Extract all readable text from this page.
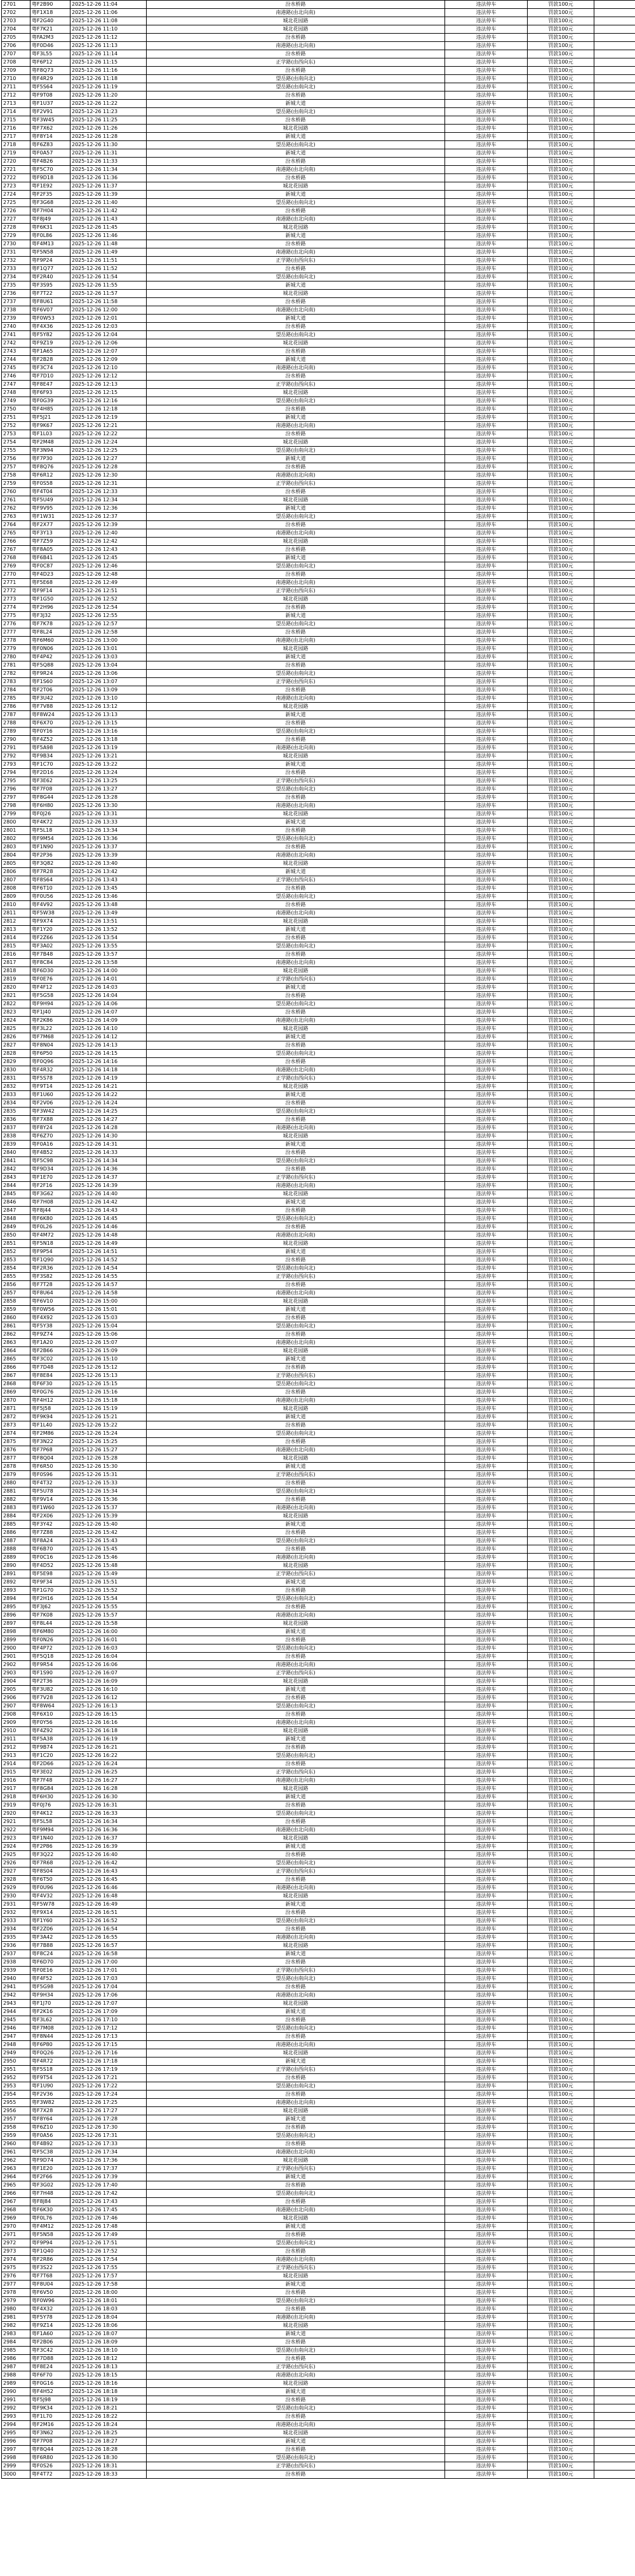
2701	粤F2B90	2025-12-26 11:04	汾水桥路	违法停车	罚款100元	
2702	粤F1X18	2025-12-26 11:06	南港路(由北向南)	违法停车	罚款100元	
2703	粤F2G40	2025-12-26 11:08	城北花园路	违法停车	罚款100元	
2704	粤F7K21	2025-12-26 11:10	城北花园路	违法停车	罚款100元	
2705	粤FA2M3	2025-12-26 11:12	汾水桥路	违法停车	罚款100元	
2706	粤F0D46	2025-12-26 11:13	南港路(由北向南)	违法停车	罚款100元	
2707	粤F3L55	2025-12-26 11:14	汾水桥路	违法停车	罚款100元	
2708	粤F6P12	2025-12-26 11:15	正学路(由西向东)	违法停车	罚款100元	
2709	粤F8Q73	2025-12-26 11:16	汾水桥路	违法停车	罚款100元	
2710	粤F4R29	2025-12-26 11:18	望岳路(由南向北)	违法停车	罚款100元	
2711	粤F5S64	2025-12-26 11:19	望岳路(由南向北)	违法停车	罚款100元	
2712	粤F9T08	2025-12-26 11:20	汾水桥路	违法停车	罚款100元	
2713	粤F1U37	2025-12-26 11:22	新城大道	违法停车	罚款100元	
2714	粤F2V91	2025-12-26 11:23	望岳路(由南向北)	违法停车	罚款100元	
2715	粤F3W45	2025-12-26 11:25	汾水桥路	违法停车	罚款100元	
2716	粤F7X62	2025-12-26 11:26	城北花园路	违法停车	罚款100元	
2717	粤F8Y14	2025-12-26 11:28	新城大道	违法停车	罚款100元	
2718	粤F6Z83	2025-12-26 11:30	望岳路(由南向北)	违法停车	罚款100元	
2719	粤F0A57	2025-12-26 11:31	新城大道	违法停车	罚款100元	
2720	粤F4B26	2025-12-26 11:33	汾水桥路	违法停车	罚款100元	
2721	粤F5C70	2025-12-26 11:34	南港路(由北向南)	违法停车	罚款100元	
2722	粤F9D18	2025-12-26 11:36	汾水桥路	违法停车	罚款100元	
2723	粤F1E92	2025-12-26 11:37	城北花园路	违法停车	罚款100元	
2724	粤F2F35	2025-12-26 11:39	新城大道	违法停车	罚款100元	
2725	粤F3G68	2025-12-26 11:40	望岳路(由南向北)	违法停车	罚款100元	
2726	粤F7H04	2025-12-26 11:42	汾水桥路	违法停车	罚款100元	
2727	粤F8J49	2025-12-26 11:43	南港路(由北向南)	违法停车	罚款100元	
2728	粤F6K31	2025-12-26 11:45	城北花园路	违法停车	罚款100元	
2729	粤F0L86	2025-12-26 11:46	新城大道	违法停车	罚款100元	
2730	粤F4M13	2025-12-26 11:48	汾水桥路	违法停车	罚款100元	
2731	粤F5N58	2025-12-26 11:49	南港路(由北向南)	违法停车	罚款100元	
2732	粤F9P24	2025-12-26 11:51	正学路(由西向东)	违法停车	罚款100元	
2733	粤F1Q77	2025-12-26 11:52	汾水桥路	违法停车	罚款100元	
2734	粤F2R40	2025-12-26 11:54	望岳路(由南向北)	违法停车	罚款100元	
2735	粤F3S95	2025-12-26 11:55	新城大道	违法停车	罚款100元	
2736	粤F7T22	2025-12-26 11:57	城北花园路	违法停车	罚款100元	
2737	粤F8U61	2025-12-26 11:58	汾水桥路	违法停车	罚款100元	
2738	粤F6V07	2025-12-26 12:00	南港路(由北向南)	违法停车	罚款100元	
2739	粤F0W53	2025-12-26 12:01	新城大道	违法停车	罚款100元	
2740	粤F4X36	2025-12-26 12:03	汾水桥路	违法停车	罚款100元	
2741	粤F5Y82	2025-12-26 12:04	望岳路(由南向北)	违法停车	罚款100元	
2742	粤F9Z19	2025-12-26 12:06	城北花园路	违法停车	罚款100元	
2743	粤F1A65	2025-12-26 12:07	汾水桥路	违法停车	罚款100元	
2744	粤F2B28	2025-12-26 12:09	新城大道	违法停车	罚款100元	
2745	粤F3C74	2025-12-26 12:10	南港路(由北向南)	违法停车	罚款100元	
2746	粤F7D10	2025-12-26 12:12	汾水桥路	违法停车	罚款100元	
2747	粤F8E47	2025-12-26 12:13	正学路(由西向东)	违法停车	罚款100元	
2748	粤F6F93	2025-12-26 12:15	城北花园路	违法停车	罚款100元	
2749	粤F0G39	2025-12-26 12:16	望岳路(由南向北)	违法停车	罚款100元	
2750	粤F4H85	2025-12-26 12:18	汾水桥路	违法停车	罚款100元	
2751	粤F5J21	2025-12-26 12:19	新城大道	违法停车	罚款100元	
2752	粤F9K67	2025-12-26 12:21	南港路(由北向南)	违法停车	罚款100元	
2753	粤F1L03	2025-12-26 12:22	汾水桥路	违法停车	罚款100元	
2754	粤F2M48	2025-12-26 12:24	城北花园路	违法停车	罚款100元	
2755	粤F3N94	2025-12-26 12:25	望岳路(由南向北)	违法停车	罚款100元	
2756	粤F7P30	2025-12-26 12:27	新城大道	违法停车	罚款100元	
2757	粤F8Q76	2025-12-26 12:28	汾水桥路	违法停车	罚款100元	
2758	粤F6R12	2025-12-26 12:30	南港路(由北向南)	违法停车	罚款100元	
2759	粤F0S58	2025-12-26 12:31	正学路(由西向东)	违法停车	罚款100元	
2760	粤F4T04	2025-12-26 12:33	汾水桥路	违法停车	罚款100元	
2761	粤F5U49	2025-12-26 12:34	城北花园路	违法停车	罚款100元	
2762	粤F9V95	2025-12-26 12:36	新城大道	违法停车	罚款100元	
2763	粤F1W31	2025-12-26 12:37	望岳路(由南向北)	违法停车	罚款100元	
2764	粤F2X77	2025-12-26 12:39	汾水桥路	违法停车	罚款100元	
2765	粤F3Y13	2025-12-26 12:40	南港路(由北向南)	违法停车	罚款100元	
2766	粤F7Z59	2025-12-26 12:42	城北花园路	违法停车	罚款100元	
2767	粤F8A05	2025-12-26 12:43	汾水桥路	违法停车	罚款100元	
2768	粤F6B41	2025-12-26 12:45	新城大道	违法停车	罚款100元	
2769	粤F0C87	2025-12-26 12:46	望岳路(由南向北)	违法停车	罚款100元	
2770	粤F4D23	2025-12-26 12:48	汾水桥路	违法停车	罚款100元	
2771	粤F5E68	2025-12-26 12:49	南港路(由北向南)	违法停车	罚款100元	
2772	粤F9F14	2025-12-26 12:51	正学路(由西向东)	违法停车	罚款100元	
2773	粤F1G50	2025-12-26 12:52	城北花园路	违法停车	罚款100元	
2774	粤F2H96	2025-12-26 12:54	汾水桥路	违法停车	罚款100元	
2775	粤F3J32	2025-12-26 12:55	新城大道	违法停车	罚款100元	
2776	粤F7K78	2025-12-26 12:57	望岳路(由南向北)	违法停车	罚款100元	
2777	粤F8L24	2025-12-26 12:58	汾水桥路	违法停车	罚款100元	
2778	粤F6M60	2025-12-26 13:00	南港路(由北向南)	违法停车	罚款100元	
2779	粤F0N06	2025-12-26 13:01	城北花园路	违法停车	罚款100元	
2780	粤F4P42	2025-12-26 13:03	新城大道	违法停车	罚款100元	
2781	粤F5Q88	2025-12-26 13:04	汾水桥路	违法停车	罚款100元	
2782	粤F9R24	2025-12-26 13:06	望岳路(由南向北)	违法停车	罚款100元	
2783	粤F1S60	2025-12-26 13:07	正学路(由西向东)	违法停车	罚款100元	
2784	粤F2T06	2025-12-26 13:09	汾水桥路	违法停车	罚款100元	
2785	粤F3U42	2025-12-26 13:10	南港路(由北向南)	违法停车	罚款100元	
2786	粤F7V88	2025-12-26 13:12	城北花园路	违法停车	罚款100元	
2787	粤F8W24	2025-12-26 13:13	新城大道	违法停车	罚款100元	
2788	粤F6X70	2025-12-26 13:15	汾水桥路	违法停车	罚款100元	
2789	粤F0Y16	2025-12-26 13:16	望岳路(由南向北)	违法停车	罚款100元	
2790	粤F4Z52	2025-12-26 13:18	汾水桥路	违法停车	罚款100元	
2791	粤F5A98	2025-12-26 13:19	南港路(由北向南)	违法停车	罚款100元	
2792	粤F9B34	2025-12-26 13:21	城北花园路	违法停车	罚款100元	
2793	粤F1C70	2025-12-26 13:22	新城大道	违法停车	罚款100元	
2794	粤F2D16	2025-12-26 13:24	汾水桥路	违法停车	罚款100元	
2795	粤F3E62	2025-12-26 13:25	正学路(由西向东)	违法停车	罚款100元	
2796	粤F7F08	2025-12-26 13:27	望岳路(由南向北)	违法停车	罚款100元	
2797	粤F8G44	2025-12-26 13:28	汾水桥路	违法停车	罚款100元	
2798	粤F6H80	2025-12-26 13:30	南港路(由北向南)	违法停车	罚款100元	
2799	粤F0J26	2025-12-26 13:31	城北花园路	违法停车	罚款100元	
2800	粤F4K72	2025-12-26 13:33	新城大道	违法停车	罚款100元	
2801	粤F5L18	2025-12-26 13:34	汾水桥路	违法停车	罚款100元	
2802	粤F9M54	2025-12-26 13:36	望岳路(由南向北)	违法停车	罚款100元	
2803	粤F1N90	2025-12-26 13:37	汾水桥路	违法停车	罚款100元	
2804	粤F2P36	2025-12-26 13:39	南港路(由北向南)	违法停车	罚款100元	
2805	粤F3Q82	2025-12-26 13:40	城北花园路	违法停车	罚款100元	
2806	粤F7R28	2025-12-26 13:42	新城大道	违法停车	罚款100元	
2807	粤F8S64	2025-12-26 13:43	正学路(由西向东)	违法停车	罚款100元	
2808	粤F6T10	2025-12-26 13:45	汾水桥路	违法停车	罚款100元	
2809	粤F0U56	2025-12-26 13:46	望岳路(由南向北)	违法停车	罚款100元	
2810	粤F4V92	2025-12-26 13:48	汾水桥路	违法停车	罚款100元	
2811	粤F5W38	2025-12-26 13:49	南港路(由北向南)	违法停车	罚款100元	
2812	粤F9X74	2025-12-26 13:51	城北花园路	违法停车	罚款100元	
2813	粤F1Y20	2025-12-26 13:52	新城大道	违法停车	罚款100元	
2814	粤F2Z66	2025-12-26 13:54	汾水桥路	违法停车	罚款100元	
2815	粤F3A02	2025-12-26 13:55	望岳路(由南向北)	违法停车	罚款100元	
2816	粤F7B48	2025-12-26 13:57	汾水桥路	违法停车	罚款100元	
2817	粤F8C84	2025-12-26 13:58	南港路(由北向南)	违法停车	罚款100元	
2818	粤F6D30	2025-12-26 14:00	城北花园路	违法停车	罚款100元	
2819	粤F0E76	2025-12-26 14:01	正学路(由西向东)	违法停车	罚款100元	
2820	粤F4F12	2025-12-26 14:03	新城大道	违法停车	罚款100元	
2821	粤F5G58	2025-12-26 14:04	汾水桥路	违法停车	罚款100元	
2822	粤F9H94	2025-12-26 14:06	望岳路(由南向北)	违法停车	罚款100元	
2823	粤F1J40	2025-12-26 14:07	汾水桥路	违法停车	罚款100元	
2824	粤F2K86	2025-12-26 14:09	南港路(由北向南)	违法停车	罚款100元	
2825	粤F3L22	2025-12-26 14:10	城北花园路	违法停车	罚款100元	
2826	粤F7M68	2025-12-26 14:12	新城大道	违法停车	罚款100元	
2827	粤F8N04	2025-12-26 14:13	汾水桥路	违法停车	罚款100元	
2828	粤F6P50	2025-12-26 14:15	望岳路(由南向北)	违法停车	罚款100元	
2829	粤F0Q96	2025-12-26 14:16	汾水桥路	违法停车	罚款100元	
2830	粤F4R32	2025-12-26 14:18	南港路(由北向南)	违法停车	罚款100元	
2831	粤F5S78	2025-12-26 14:19	正学路(由西向东)	违法停车	罚款100元	
2832	粤F9T14	2025-12-26 14:21	城北花园路	违法停车	罚款100元	
2833	粤F1U60	2025-12-26 14:22	新城大道	违法停车	罚款100元	
2834	粤F2V06	2025-12-26 14:24	汾水桥路	违法停车	罚款100元	
2835	粤F3W42	2025-12-26 14:25	望岳路(由南向北)	违法停车	罚款100元	
2836	粤F7X88	2025-12-26 14:27	汾水桥路	违法停车	罚款100元	
2837	粤F8Y24	2025-12-26 14:28	南港路(由北向南)	违法停车	罚款100元	
2838	粤F6Z70	2025-12-26 14:30	城北花园路	违法停车	罚款100元	
2839	粤F0A16	2025-12-26 14:31	新城大道	违法停车	罚款100元	
2840	粤F4B52	2025-12-26 14:33	汾水桥路	违法停车	罚款100元	
2841	粤F5C98	2025-12-26 14:34	望岳路(由南向北)	违法停车	罚款100元	
2842	粤F9D34	2025-12-26 14:36	汾水桥路	违法停车	罚款100元	
2843	粤F1E70	2025-12-26 14:37	正学路(由西向东)	违法停车	罚款100元	
2844	粤F2F16	2025-12-26 14:39	南港路(由北向南)	违法停车	罚款100元	
2845	粤F3G62	2025-12-26 14:40	城北花园路	违法停车	罚款100元	
2846	粤F7H08	2025-12-26 14:42	新城大道	违法停车	罚款100元	
2847	粤F8J44	2025-12-26 14:43	汾水桥路	违法停车	罚款100元	
2848	粤F6K80	2025-12-26 14:45	望岳路(由南向北)	违法停车	罚款100元	
2849	粤F0L26	2025-12-26 14:46	汾水桥路	违法停车	罚款100元	
2850	粤F4M72	2025-12-26 14:48	南港路(由北向南)	违法停车	罚款100元	
2851	粤F5N18	2025-12-26 14:49	城北花园路	违法停车	罚款100元	
2852	粤F9P54	2025-12-26 14:51	新城大道	违法停车	罚款100元	
2853	粤F1Q90	2025-12-26 14:52	汾水桥路	违法停车	罚款100元	
2854	粤F2R36	2025-12-26 14:54	望岳路(由南向北)	违法停车	罚款100元	
2855	粤F3S82	2025-12-26 14:55	正学路(由西向东)	违法停车	罚款100元	
2856	粤F7T28	2025-12-26 14:57	汾水桥路	违法停车	罚款100元	
2857	粤F8U64	2025-12-26 14:58	南港路(由北向南)	违法停车	罚款100元	
2858	粤F6V10	2025-12-26 15:00	城北花园路	违法停车	罚款100元	
2859	粤F0W56	2025-12-26 15:01	新城大道	违法停车	罚款100元	
2860	粤F4X92	2025-12-26 15:03	汾水桥路	违法停车	罚款100元	
2861	粤F5Y38	2025-12-26 15:04	望岳路(由南向北)	违法停车	罚款100元	
2862	粤F9Z74	2025-12-26 15:06	汾水桥路	违法停车	罚款100元	
2863	粤F1A20	2025-12-26 15:07	南港路(由北向南)	违法停车	罚款100元	
2864	粤F2B66	2025-12-26 15:09	城北花园路	违法停车	罚款100元	
2865	粤F3C02	2025-12-26 15:10	新城大道	违法停车	罚款100元	
2866	粤F7D48	2025-12-26 15:12	汾水桥路	违法停车	罚款100元	
2867	粤F8E84	2025-12-26 15:13	正学路(由西向东)	违法停车	罚款100元	
2868	粤F6F30	2025-12-26 15:15	望岳路(由南向北)	违法停车	罚款100元	
2869	粤F0G76	2025-12-26 15:16	汾水桥路	违法停车	罚款100元	
2870	粤F4H12	2025-12-26 15:18	南港路(由北向南)	违法停车	罚款100元	
2871	粤F5J58	2025-12-26 15:19	城北花园路	违法停车	罚款100元	
2872	粤F9K94	2025-12-26 15:21	新城大道	违法停车	罚款100元	
2873	粤F1L40	2025-12-26 15:22	汾水桥路	违法停车	罚款100元	
2874	粤F2M86	2025-12-26 15:24	望岳路(由南向北)	违法停车	罚款100元	
2875	粤F3N22	2025-12-26 15:25	汾水桥路	违法停车	罚款100元	
2876	粤F7P68	2025-12-26 15:27	南港路(由北向南)	违法停车	罚款100元	
2877	粤F8Q04	2025-12-26 15:28	城北花园路	违法停车	罚款100元	
2878	粤F6R50	2025-12-26 15:30	新城大道	违法停车	罚款100元	
2879	粤F0S96	2025-12-26 15:31	正学路(由西向东)	违法停车	罚款100元	
2880	粤F4T32	2025-12-26 15:33	汾水桥路	违法停车	罚款100元	
2881	粤F5U78	2025-12-26 15:34	望岳路(由南向北)	违法停车	罚款100元	
2882	粤F9V14	2025-12-26 15:36	汾水桥路	违法停车	罚款100元	
2883	粤F1W60	2025-12-26 15:37	南港路(由北向南)	违法停车	罚款100元	
2884	粤F2X06	2025-12-26 15:39	城北花园路	违法停车	罚款100元	
2885	粤F3Y42	2025-12-26 15:40	新城大道	违法停车	罚款100元	
2886	粤F7Z88	2025-12-26 15:42	汾水桥路	违法停车	罚款100元	
2887	粤F8A24	2025-12-26 15:43	望岳路(由南向北)	违法停车	罚款100元	
2888	粤F6B70	2025-12-26 15:45	汾水桥路	违法停车	罚款100元	
2889	粤F0C16	2025-12-26 15:46	南港路(由北向南)	违法停车	罚款100元	
2890	粤F4D52	2025-12-26 15:48	城北花园路	违法停车	罚款100元	
2891	粤F5E98	2025-12-26 15:49	正学路(由西向东)	违法停车	罚款100元	
2892	粤F9F34	2025-12-26 15:51	新城大道	违法停车	罚款100元	
2893	粤F1G70	2025-12-26 15:52	汾水桥路	违法停车	罚款100元	
2894	粤F2H16	2025-12-26 15:54	望岳路(由南向北)	违法停车	罚款100元	
2895	粤F3J62	2025-12-26 15:55	汾水桥路	违法停车	罚款100元	
2896	粤F7K08	2025-12-26 15:57	南港路(由北向南)	违法停车	罚款100元	
2897	粤F8L44	2025-12-26 15:58	城北花园路	违法停车	罚款100元	
2898	粤F6M80	2025-12-26 16:00	新城大道	违法停车	罚款100元	
2899	粤F0N26	2025-12-26 16:01	汾水桥路	违法停车	罚款100元	
2900	粤F4P72	2025-12-26 16:03	望岳路(由南向北)	违法停车	罚款100元	
2901	粤F5Q18	2025-12-26 16:04	汾水桥路	违法停车	罚款100元	
2902	粤F9R54	2025-12-26 16:06	南港路(由北向南)	违法停车	罚款100元	
2903	粤F1S90	2025-12-26 16:07	正学路(由西向东)	违法停车	罚款100元	
2904	粤F2T36	2025-12-26 16:09	城北花园路	违法停车	罚款100元	
2905	粤F3U82	2025-12-26 16:10	新城大道	违法停车	罚款100元	
2906	粤F7V28	2025-12-26 16:12	汾水桥路	违法停车	罚款100元	
2907	粤F8W64	2025-12-26 16:13	望岳路(由南向北)	违法停车	罚款100元	
2908	粤F6X10	2025-12-26 16:15	汾水桥路	违法停车	罚款100元	
2909	粤F0Y56	2025-12-26 16:16	南港路(由北向南)	违法停车	罚款100元	
2910	粤F4Z92	2025-12-26 16:18	城北花园路	违法停车	罚款100元	
2911	粤F5A38	2025-12-26 16:19	新城大道	违法停车	罚款100元	
2912	粤F9B74	2025-12-26 16:21	汾水桥路	违法停车	罚款100元	
2913	粤F1C20	2025-12-26 16:22	望岳路(由南向北)	违法停车	罚款100元	
2914	粤F2D66	2025-12-26 16:24	汾水桥路	违法停车	罚款100元	
2915	粤F3E02	2025-12-26 16:25	正学路(由西向东)	违法停车	罚款100元	
2916	粤F7F48	2025-12-26 16:27	南港路(由北向南)	违法停车	罚款100元	
2917	粤F8G84	2025-12-26 16:28	城北花园路	违法停车	罚款100元	
2918	粤F6H30	2025-12-26 16:30	新城大道	违法停车	罚款100元	
2919	粤F0J76	2025-12-26 16:31	汾水桥路	违法停车	罚款100元	
2920	粤F4K12	2025-12-26 16:33	望岳路(由南向北)	违法停车	罚款100元	
2921	粤F5L58	2025-12-26 16:34	汾水桥路	违法停车	罚款100元	
2922	粤F9M94	2025-12-26 16:36	南港路(由北向南)	违法停车	罚款100元	
2923	粤F1N40	2025-12-26 16:37	城北花园路	违法停车	罚款100元	
2924	粤F2P86	2025-12-26 16:39	新城大道	违法停车	罚款100元	
2925	粤F3Q22	2025-12-26 16:40	汾水桥路	违法停车	罚款100元	
2926	粤F7R68	2025-12-26 16:42	望岳路(由南向北)	违法停车	罚款100元	
2927	粤F8S04	2025-12-26 16:43	正学路(由西向东)	违法停车	罚款100元	
2928	粤F6T50	2025-12-26 16:45	汾水桥路	违法停车	罚款100元	
2929	粤F0U96	2025-12-26 16:46	南港路(由北向南)	违法停车	罚款100元	
2930	粤F4V32	2025-12-26 16:48	城北花园路	违法停车	罚款100元	
2931	粤F5W78	2025-12-26 16:49	新城大道	违法停车	罚款100元	
2932	粤F9X14	2025-12-26 16:51	汾水桥路	违法停车	罚款100元	
2933	粤F1Y60	2025-12-26 16:52	望岳路(由南向北)	违法停车	罚款100元	
2934	粤F2Z06	2025-12-26 16:54	汾水桥路	违法停车	罚款100元	
2935	粤F3A42	2025-12-26 16:55	南港路(由北向南)	违法停车	罚款100元	
2936	粤F7B88	2025-12-26 16:57	城北花园路	违法停车	罚款100元	
2937	粤F8C24	2025-12-26 16:58	新城大道	违法停车	罚款100元	
2938	粤F6D70	2025-12-26 17:00	汾水桥路	违法停车	罚款100元	
2939	粤F0E16	2025-12-26 17:01	正学路(由西向东)	违法停车	罚款100元	
2940	粤F4F52	2025-12-26 17:03	望岳路(由南向北)	违法停车	罚款100元	
2941	粤F5G98	2025-12-26 17:04	汾水桥路	违法停车	罚款100元	
2942	粤F9H34	2025-12-26 17:06	南港路(由北向南)	违法停车	罚款100元	
2943	粤F1J70	2025-12-26 17:07	城北花园路	违法停车	罚款100元	
2944	粤F2K16	2025-12-26 17:09	新城大道	违法停车	罚款100元	
2945	粤F3L62	2025-12-26 17:10	汾水桥路	违法停车	罚款100元	
2946	粤F7M08	2025-12-26 17:12	望岳路(由南向北)	违法停车	罚款100元	
2947	粤F8N44	2025-12-26 17:13	汾水桥路	违法停车	罚款100元	
2948	粤F6P80	2025-12-26 17:15	南港路(由北向南)	违法停车	罚款100元	
2949	粤F0Q26	2025-12-26 17:16	城北花园路	违法停车	罚款100元	
2950	粤F4R72	2025-12-26 17:18	新城大道	违法停车	罚款100元	
2951	粤F5S18	2025-12-26 17:19	正学路(由西向东)	违法停车	罚款100元	
2952	粤F9T54	2025-12-26 17:21	汾水桥路	违法停车	罚款100元	
2953	粤F1U90	2025-12-26 17:22	望岳路(由南向北)	违法停车	罚款100元	
2954	粤F2V36	2025-12-26 17:24	汾水桥路	违法停车	罚款100元	
2955	粤F3W82	2025-12-26 17:25	南港路(由北向南)	违法停车	罚款100元	
2956	粤F7X28	2025-12-26 17:27	城北花园路	违法停车	罚款100元	
2957	粤F8Y64	2025-12-26 17:28	新城大道	违法停车	罚款100元	
2958	粤F6Z10	2025-12-26 17:30	汾水桥路	违法停车	罚款100元	
2959	粤F0A56	2025-12-26 17:31	望岳路(由南向北)	违法停车	罚款100元	
2960	粤F4B92	2025-12-26 17:33	汾水桥路	违法停车	罚款100元	
2961	粤F5C38	2025-12-26 17:34	南港路(由北向南)	违法停车	罚款100元	
2962	粤F9D74	2025-12-26 17:36	城北花园路	违法停车	罚款100元	
2963	粤F1E20	2025-12-26 17:37	正学路(由西向东)	违法停车	罚款100元	
2964	粤F2F66	2025-12-26 17:39	新城大道	违法停车	罚款100元	
2965	粤F3G02	2025-12-26 17:40	汾水桥路	违法停车	罚款100元	
2966	粤F7H48	2025-12-26 17:42	望岳路(由南向北)	违法停车	罚款100元	
2967	粤F8J84	2025-12-26 17:43	汾水桥路	违法停车	罚款100元	
2968	粤F6K30	2025-12-26 17:45	南港路(由北向南)	违法停车	罚款100元	
2969	粤F0L76	2025-12-26 17:46	城北花园路	违法停车	罚款100元	
2970	粤F4M12	2025-12-26 17:48	新城大道	违法停车	罚款100元	
2971	粤F5N58	2025-12-26 17:49	汾水桥路	违法停车	罚款100元	
2972	粤F9P94	2025-12-26 17:51	望岳路(由南向北)	违法停车	罚款100元	
2973	粤F1Q40	2025-12-26 17:52	汾水桥路	违法停车	罚款100元	
2974	粤F2R86	2025-12-26 17:54	南港路(由北向南)	违法停车	罚款100元	
2975	粤F3S22	2025-12-26 17:55	正学路(由西向东)	违法停车	罚款100元	
2976	粤F7T68	2025-12-26 17:57	城北花园路	违法停车	罚款100元	
2977	粤F8U04	2025-12-26 17:58	新城大道	违法停车	罚款100元	
2978	粤F6V50	2025-12-26 18:00	汾水桥路	违法停车	罚款100元	
2979	粤F0W96	2025-12-26 18:01	望岳路(由南向北)	违法停车	罚款100元	
2980	粤F4X32	2025-12-26 18:03	汾水桥路	违法停车	罚款100元	
2981	粤F5Y78	2025-12-26 18:04	南港路(由北向南)	违法停车	罚款100元	
2982	粤F9Z14	2025-12-26 18:06	城北花园路	违法停车	罚款100元	
2983	粤F1A60	2025-12-26 18:07	新城大道	违法停车	罚款100元	
2984	粤F2B06	2025-12-26 18:09	汾水桥路	违法停车	罚款100元	
2985	粤F3C42	2025-12-26 18:10	望岳路(由南向北)	违法停车	罚款100元	
2986	粤F7D88	2025-12-26 18:12	汾水桥路	违法停车	罚款100元	
2987	粤F8E24	2025-12-26 18:13	正学路(由西向东)	违法停车	罚款100元	
2988	粤F6F70	2025-12-26 18:15	南港路(由北向南)	违法停车	罚款100元	
2989	粤F0G16	2025-12-26 18:16	城北花园路	违法停车	罚款100元	
2990	粤F4H52	2025-12-26 18:18	新城大道	违法停车	罚款100元	
2991	粤F5J98	2025-12-26 18:19	汾水桥路	违法停车	罚款100元	
2992	粤F9K34	2025-12-26 18:21	望岳路(由南向北)	违法停车	罚款100元	
2993	粤F1L70	2025-12-26 18:22	汾水桥路	违法停车	罚款100元	
2994	粤F2M16	2025-12-26 18:24	南港路(由北向南)	违法停车	罚款100元	
2995	粤F3N62	2025-12-26 18:25	城北花园路	违法停车	罚款100元	
2996	粤F7P08	2025-12-26 18:27	新城大道	违法停车	罚款100元	
2997	粤F8Q44	2025-12-26 18:28	汾水桥路	违法停车	罚款100元	
2998	粤F6R80	2025-12-26 18:30	望岳路(由南向北)	违法停车	罚款100元	
2999	粤F0S26	2025-12-26 18:31	正学路(由西向东)	违法停车	罚款100元	
3000	粤F4T72	2025-12-26 18:33	汾水桥路	违法停车	罚款100元	
